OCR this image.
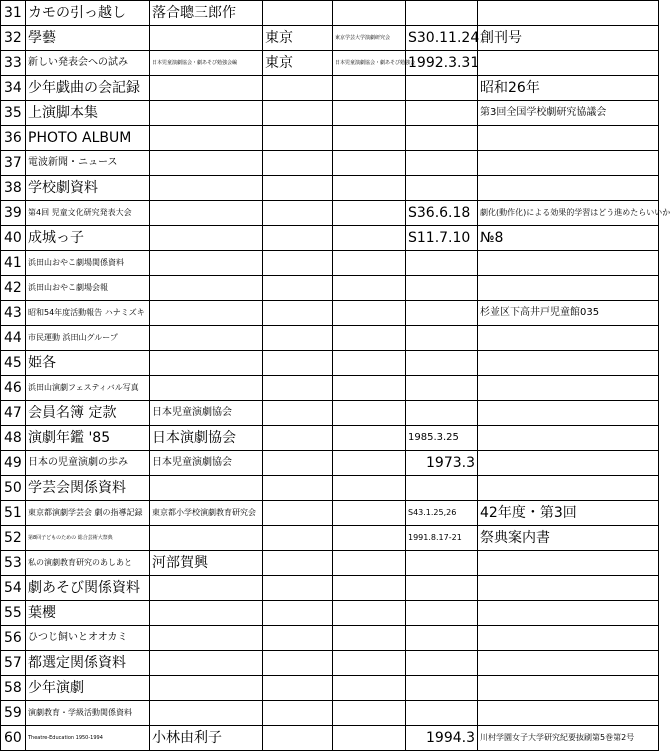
31	カモの引っ越し	落合聰三郎作				
32	學藝		東京	東京学芸大学演劇研究会	S30.11.24	創刊号
33	新しい発表会への試み	日本児童演劇協会・劇あそび勉強会編	東京	日本児童演劇協会・劇あそび勉強会	1992.3.31	
34	少年戯曲の会記録					昭和26年
35	上演脚本集					第3回全国学校劇研究協議会
36	PHOTO ALBUM					
37	電波新聞・ニュース					
38	学校劇資料					
39	第4回 児童文化研究発表大会				S36.6.18	劇化(動作化)による効果的学習はどう進めたらいいか
40	成城っ子				S11.7.10	№8
41	浜田山おやこ劇場関係資料					
42	浜田山おやこ劇場会報					
43	昭和54年度活動報告 ハナミズキ					杉並区下高井戸児童館035
44	市民運動 浜田山グループ					
45	姫各					
46	浜田山演劇フェスティバル写真					
47	会員名簿 定款	日本児童演劇協会				
48	演劇年鑑 '85	日本演劇協会			1985.3.25	
49	日本の児童演劇の歩み	日本児童演劇協会			1973.3	
50	学芸会関係資料					
51	東京都演劇学芸会 劇の指導記録	東京都小学校演劇教育研究会			S43.1.25,26	42年度・第3回
52	第8回子どものための 総合芸術大祭典				1991.8.17-21	祭典案内書
53	私の演劇教育研究のあしあと	河部賀興				
54	劇あそび関係資料					
55	葉櫻					
56	ひつじ飼いとオオカミ					
57	都選定関係資料					
58	少年演劇					
59	演劇教育・学級活動関係資料					
60	Theatre-Education 1950-1994	小林由利子			1994.3	川村学園女子大学研究紀要抜刷第5巻第2号
